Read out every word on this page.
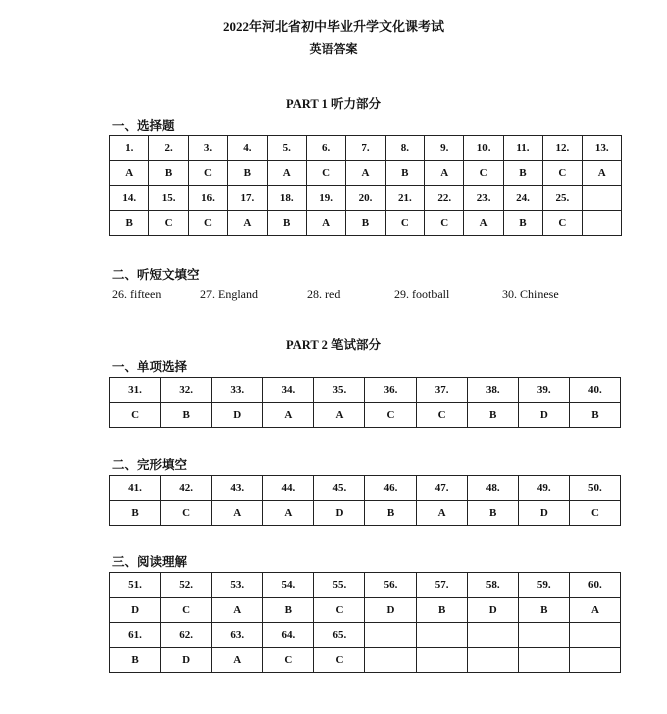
2022年河北省初中毕业升学文化课考试
英语答案
PART 1 听力部分
一、选择题
1.	2.	3.	4.	5.	6.	7.	8.	9.	10.	11.	12.	13.
A	B	C	B	A	C	A	B	A	C	B	C	A
14.	15.	16.	17.	18.	19.	20.	21.	22.	23.	24.	25.	
B	C	C	A	B	A	B	C	C	A	B	C	
二、听短文填空
26. fifteen	27. England	28. red	29. football	30. Chinese
PART 2 笔试部分
一、单项选择
31.	32.	33.	34.	35.	36.	37.	38.	39.	40.
C	B	D	A	A	C	C	B	D	B
二、完形填空
41.	42.	43.	44.	45.	46.	47.	48.	49.	50.
B	C	A	A	D	B	A	B	D	C
三、阅读理解
51.	52.	53.	54.	55.	56.	57.	58.	59.	60.
D	C	A	B	C	D	B	D	B	A
61.	62.	63.	64.	65.					
B	D	A	C	C					
